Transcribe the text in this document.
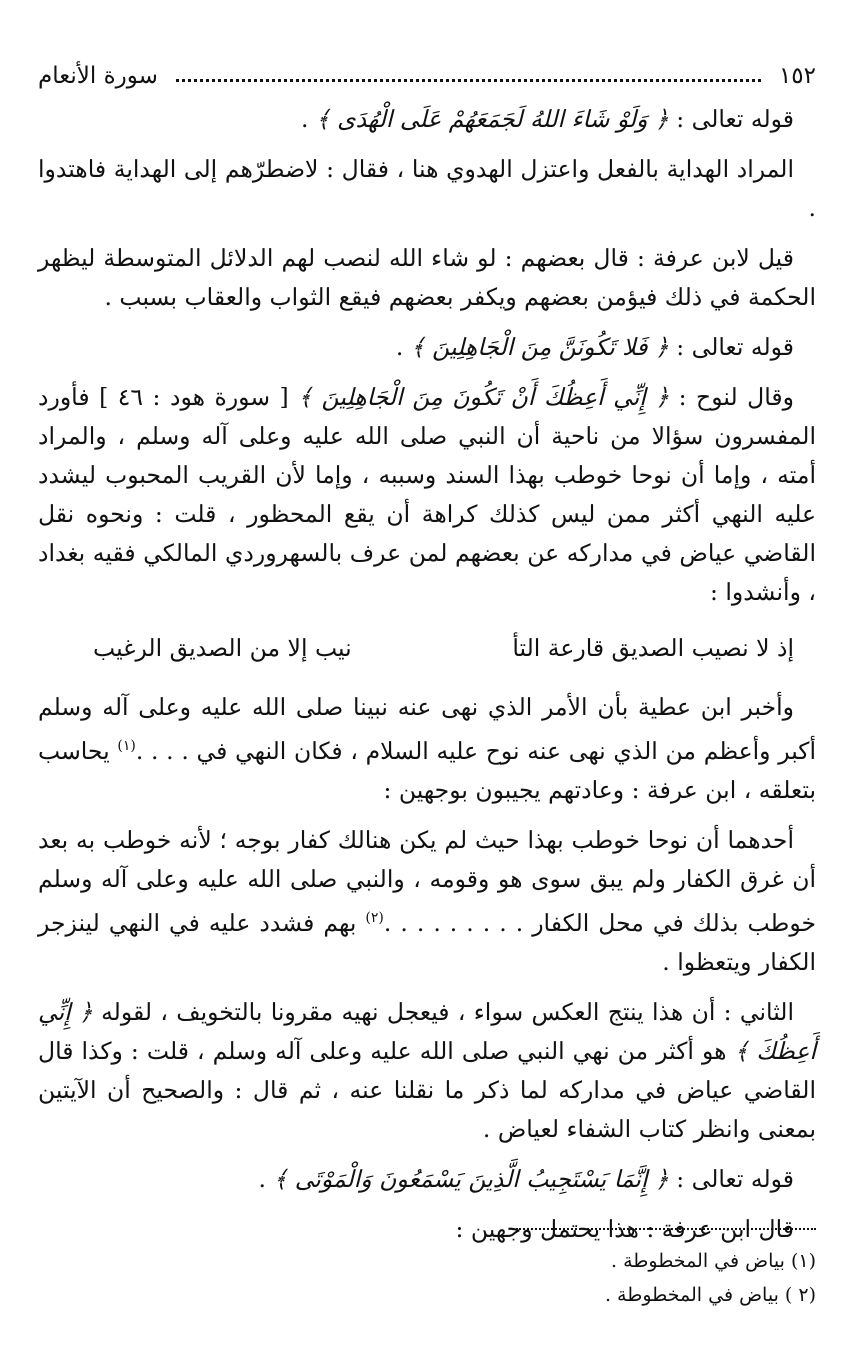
١٥٢
سورة الأنعام

قوله تعالى : ﴿ وَلَوْ شَاءَ اللهُ لَجَمَعَهُمْ عَلَى الْهُدَى ﴾ .

المراد الهداية بالفعل واعتزل الهدوي هنا ، فقال : لاضطرّهم إلى الهداية فاهتدوا .

قيل لابن عرفة : قال بعضهم : لو شاء الله لنصب لهم الدلائل المتوسطة ليظهر الحكمة في ذلك فيؤمن بعضهم ويكفر بعضهم فيقع الثواب والعقاب بسبب .

قوله تعالى : ﴿ فَلا تَكُونَنَّ مِنَ الْجَاهِلِينَ ﴾ .

وقال لنوح : ﴿ إِنِّي أَعِظُكَ أَنْ تَكُونَ مِنَ الْجَاهِلِينَ ﴾ [ سورة هود : ٤٦ ] فأورد المفسرون سؤالا من ناحية أن النبي صلى الله عليه وعلى آله وسلم ، والمراد أمته ، وإما أن نوحا خوطب بهذا السند وسببه ، وإما لأن القريب المحبوب ليشدد عليه النهي أكثر ممن ليس كذلك كراهة أن يقع المحظور ، قلت : ونحوه نقل القاضي عياض في مداركه عن بعضهم لمن عرف بالسهروردي المالكي فقيه بغداد ، وأنشدوا :

إذ لا نصيب الصديق قارعة التأ
نيب إلا من الصديق الرغيب

وأخبر ابن عطية بأن الأمر الذي نهى عنه نبينا صلى الله عليه وعلى آله وسلم أكبر وأعظم من الذي نهى عنه نوح عليه السلام ، فكان النهي في . . . .$^{(١)}$ يحاسب بتعلقه ، ابن عرفة : وعادتهم يجيبون بوجهين :

أحدهما أن نوحا خوطب بهذا حيث لم يكن هنالك كفار بوجه ؛ لأنه خوطب به بعد أن غرق الكفار ولم يبق سوى هو وقومه ، والنبي صلى الله عليه وعلى آله وسلم خوطب بذلك في محل الكفار . . . . . . . . .$^{(٢)}$ بهم فشدد عليه في النهي لينزجر الكفار ويتعظوا .

الثاني : أن هذا ينتج العكس سواء ، فيعجل نهيه مقرونا بالتخويف ، لقوله ﴿ إِنِّي أَعِظُكَ ﴾ هو أكثر من نهي النبي صلى الله عليه وعلى آله وسلم ، قلت : وكذا قال القاضي عياض في مداركه لما ذكر ما نقلنا عنه ، ثم قال : والصحيح أن الآيتين بمعنى وانظر كتاب الشفاء لعياض .

قوله تعالى : ﴿ إِنَّمَا يَسْتَجِيبُ الَّذِينَ يَسْمَعُونَ وَالْمَوْتَى ﴾ .

قال ابن عرفة : هذا يحتمل وجهين :

(١) بياض في المخطوطة .
(٢ ) بياض في المخطوطة .
